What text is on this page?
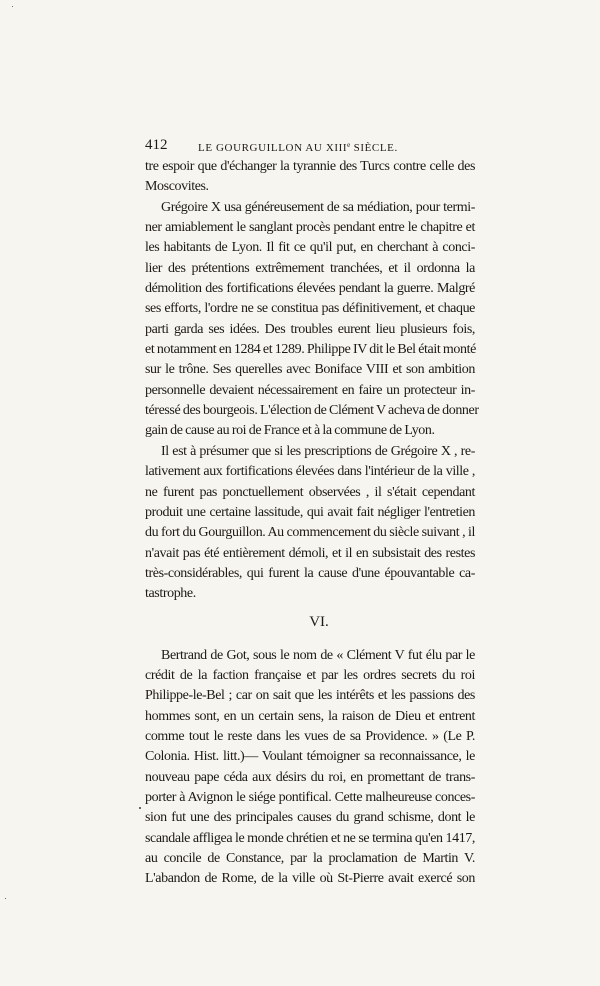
412	LE GOURGUILLON AU XIIIe SIÈCLE.
tre espoir que d'échanger la tyrannie des Turcs contre celle des
Moscovites.
Grégoire X usa généreusement de sa médiation, pour termi-
ner amiablement le sanglant procès pendant entre le chapitre et
les habitants de Lyon. Il fit ce qu'il put, en cherchant à conci-
lier des prétentions extrêmement tranchées, et il ordonna la
démolition des fortifications élevées pendant la guerre. Malgré
ses efforts, l'ordre ne se constitua pas définitivement, et chaque
parti garda ses idées. Des troubles eurent lieu plusieurs fois,
et notamment en 1284 et 1289. Philippe IV dit le Bel était monté
sur le trône. Ses querelles avec Boniface VIII et son ambition
personnelle devaient nécessairement en faire un protecteur in-
téressé des bourgeois. L'élection de Clément V acheva de donner
gain de cause au roi de France et à la commune de Lyon.
Il est à présumer que si les prescriptions de Grégoire X , re-
lativement aux fortifications élevées dans l'intérieur de la ville ,
ne furent pas ponctuellement observées , il s'était cependant
produit une certaine lassitude, qui avait fait négliger l'entretien
du fort du Gourguillon. Au commencement du siècle suivant , il
n'avait pas été entièrement démoli, et il en subsistait des restes
très-considérables, qui furent la cause d'une épouvantable ca-
tastrophe.
VI.
Bertrand de Got, sous le nom de « Clément V fut élu par le
crédit de la faction française et par les ordres secrets du roi
Philippe-le-Bel ; car on sait que les intérêts et les passions des
hommes sont, en un certain sens, la raison de Dieu et entrent
comme tout le reste dans les vues de sa Providence. » (Le P.
Colonia. Hist. litt.)— Voulant témoigner sa reconnaissance, le
nouveau pape céda aux désirs du roi, en promettant de trans-
porter à Avignon le siége pontifical. Cette malheureuse conces-
sion fut une des principales causes du grand schisme, dont le
scandale affligea le monde chrétien et ne se termina qu'en 1417,
au concile de Constance, par la proclamation de Martin V.
L'abandon de Rome, de la ville où St-Pierre avait exercé son
